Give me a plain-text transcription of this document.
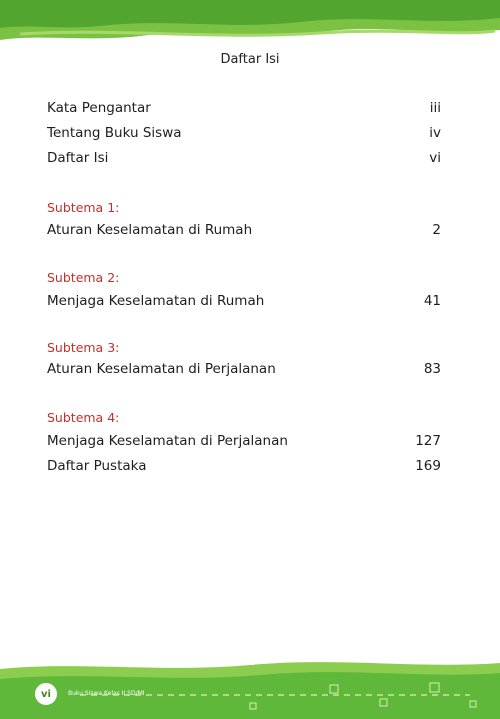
Daftar Isi
Kata Pengantar	iii
Tentang Buku Siswa	iv
Daftar Isi	vi
Subtema 1:
Aturan Keselamatan di Rumah	2
Subtema 2:
Menjaga Keselamatan di Rumah	41
Subtema 3:
Aturan Keselamatan di Perjalanan	83
Subtema 4:
Menjaga Keselamatan di Perjalanan	127
Daftar Pustaka	169
vi	Buku Siswa Kelas II SD/MI
